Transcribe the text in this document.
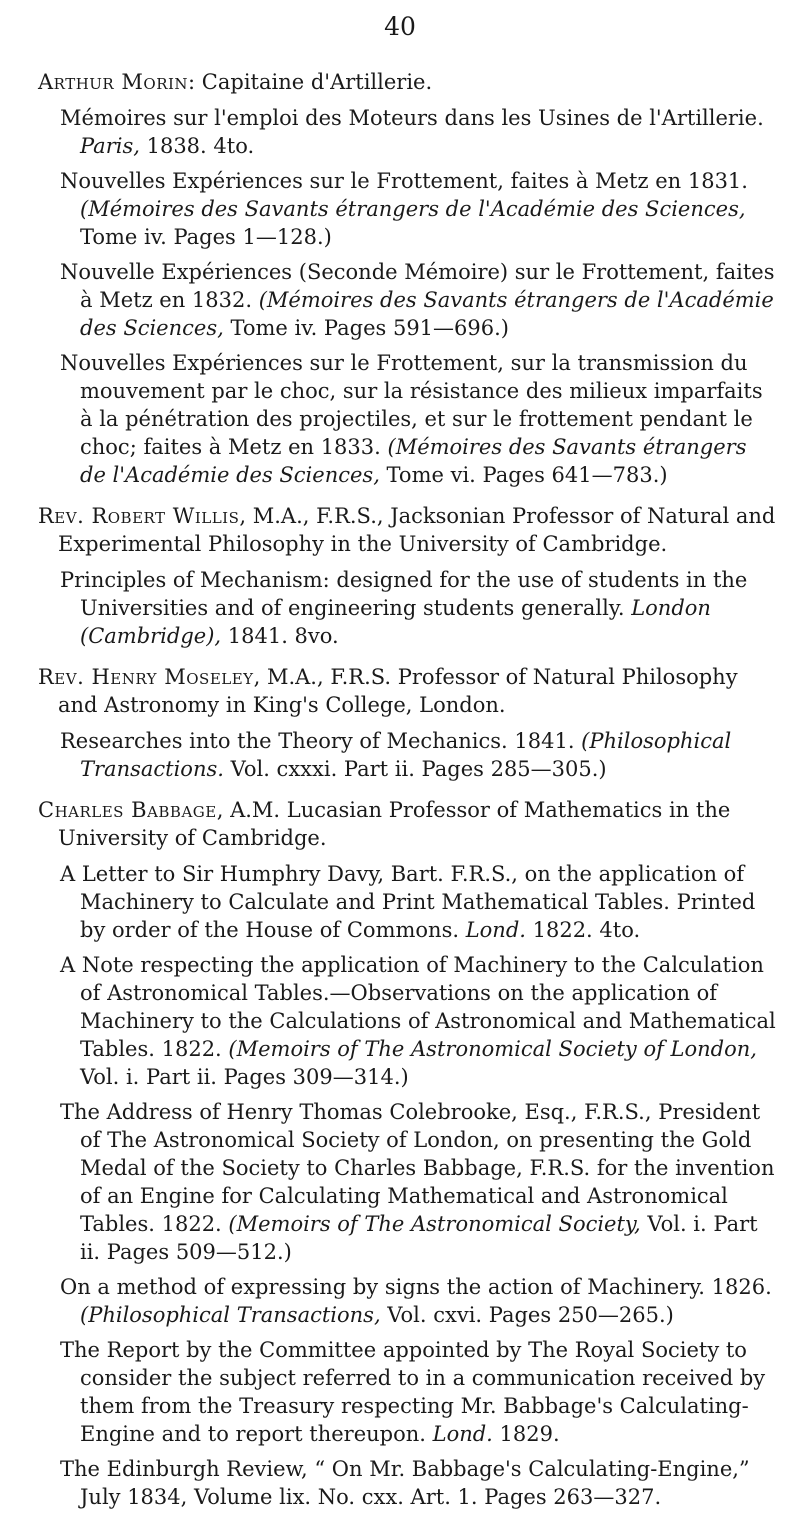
40

Arthur Morin: Capitaine d'Artillerie.

Mémoires sur l'emploi des Moteurs dans les Usines de l'Artillerie. Paris, 1838. 4to.

Nouvelles Expériences sur le Frottement, faites à Metz en 1831. (Mémoires des Savants étrangers de l'Académie des Sciences, Tome iv. Pages 1—128.)

Nouvelle Expériences (Seconde Mémoire) sur le Frottement, faites à Metz en 1832. (Mémoires des Savants étrangers de l'Académie des Sciences, Tome iv. Pages 591—696.)

Nouvelles Expériences sur le Frottement, sur la transmission du mouvement par le choc, sur la résistance des milieux imparfaits à la pénétration des projectiles, et sur le frottement pendant le choc; faites à Metz en 1833. (Mémoires des Savants étrangers de l'Académie des Sciences, Tome vi. Pages 641—783.)

Rev. Robert Willis, M.A., F.R.S., Jacksonian Professor of Natural and Experimental Philosophy in the University of Cambridge.

Principles of Mechanism: designed for the use of students in the Universities and of engineering students generally. London (Cambridge), 1841. 8vo.

Rev. Henry Moseley, M.A., F.R.S. Professor of Natural Philosophy and Astronomy in King's College, London.

Researches into the Theory of Mechanics. 1841. (Philosophical Transactions. Vol. cxxxi. Part ii. Pages 285—305.)

Charles Babbage, A.M. Lucasian Professor of Mathematics in the University of Cambridge.

A Letter to Sir Humphry Davy, Bart. F.R.S., on the application of Machinery to Calculate and Print Mathematical Tables. Printed by order of the House of Commons. Lond. 1822. 4to.

A Note respecting the application of Machinery to the Calculation of Astronomical Tables.—Observations on the application of Machinery to the Calculations of Astronomical and Mathematical Tables. 1822. (Memoirs of The Astronomical Society of London, Vol. i. Part ii. Pages 309—314.)

The Address of Henry Thomas Colebrooke, Esq., F.R.S., President of The Astronomical Society of London, on presenting the Gold Medal of the Society to Charles Babbage, F.R.S. for the invention of an Engine for Calculating Mathematical and Astronomical Tables. 1822. (Memoirs of The Astronomical Society, Vol. i. Part ii. Pages 509—512.)

On a method of expressing by signs the action of Machinery. 1826. (Philosophical Transactions, Vol. cxvi. Pages 250—265.)

The Report by the Committee appointed by The Royal Society to consider the subject referred to in a communication received by them from the Treasury respecting Mr. Babbage's Calculating-Engine and to report thereupon. Lond. 1829.

The Edinburgh Review, “ On Mr. Babbage's Calculating-Engine,” July 1834, Volume lix. No. cxx. Art. 1. Pages 263—327.
